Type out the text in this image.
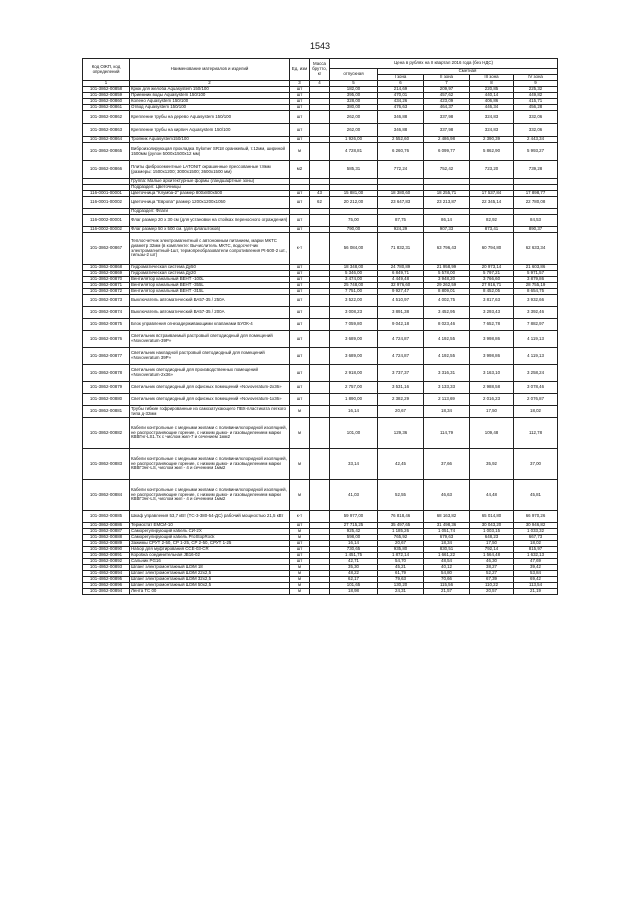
1543
Код ОЖП, код определений	Наименование материалов и изделий	Ед. изм	Масса брутто, кг	Цена в рублях на II квартал 2016 года (без НДС)				
				отпускная	Сметная			
					I зона	II зона	III зона	IV зона
1	2	3	4	5	6	7	8	9
101-3862-00858	Крюк для желоба Aquasystem 150/100	шт		182,00	214,69	209,97	220,85	225,32
101-3862-00859	Приемник воды Aquasystem 150/100	шт		395,00	470,01	457,62	440,14	449,82
101-3862-00860	Колено Aquasystem 150/100	шт		328,00	434,26	423,09	406,86	415,71
101-3862-00861	Отвод Aquasystem 150/100	шт		380,00	476,63	464,37	446,34	456,28
101-3862-00862	Крепление трубы на дерево Aquasystem 150/100	шт		262,00	346,88	337,98	324,83	332,06
101-3862-00863	Крепление трубы на кирпич Aquasystem 150/100	шт		262,00	346,88	337,98	324,83	332,06
101-3862-00864	Тройник Aquasystem150/100	шт		1 926,00	2 552,60	2 486,98	2 390,39	2 443,34
101-3862-00865	Виброизолирующая прокладка Sylomer SR18 оранжевый, т.12мм, шириной 1500мм (рулон 5000х1500х12 мм)	м		4 728,81	6 260,76	6 099,77	5 862,90	5 993,27
101-3862-00866	Плиты фибросементные LATONIT окрашенные прессованные т.8мм (размеры: 1500х1200; 3000х1500; 3600х1500 мм)	м2		585,31	772,24	752,42	723,20	739,28
	Группа: Малые архитектурные формы (ландшафтные зоны)							
	Подраздел: Цветочницы							
116-0001-00001	Цветочница "Клумба-2" размер 800х800х500	шт	43	15 881,00	18 380,60	18 255,71	17 537,84	17 898,77
116-0001-00002	Цветочница "Европа" размер 1200х1200х1050	шт	62	20 212,00	23 647,83	23 213,87	22 345,14	22 780,08
	Подраздел: Флаги							
116-0002-00001	Флаг размер 20 х 30 см (для установки на стойках переносного ограждения)	шт		75,00	87,75	86,14	82,92	84,53
116-0002-00002	Флаг размер 50 х 500 см. (для флагштоков)	шт		790,00	924,29	907,33	873,41	890,37
101-3862-00867	Теплосчетчик электромагнитный с автономным питанием, марки МКТС диаметр 32мм (в комплекте: Вычислитель МКТС, водосчетчик электромагнитный-1шт, термопреобразователи сопротивления Pt-500-2 шт., гильзы-2 шт)	к-т		56 084,00	71 832,31	63 796,43	60 794,80	62 633,34
101-3862-00868	Гидроматическая система Ду50	шт		18 348,00	24 780,89	21 958,99	20 973,14	21 603,86
101-3862-00869	Гидроматическая система Ду20	шт		5 346,00	6 849,71	5 578,00	5 797,21	5 971,57
101-3862-00870	Вентилятор канальный ВЕНТ -100L	шт		3 474,00	4 449,48	3 948,20	3 766,60	3 879,86
101-3862-00871	Вентилятор канальный ВЕНТ -355L	шт		25 748,00	32 976,60	29 262,59	27 916,71	28 755,19
101-3862-00872	Вентилятор канальный ВЕНТ -315L	шт		7 751,00	9 927,47	8 809,01	8 452,05	8 654,75
101-3862-00873	Выключатель автоматический ВА57-35 / 250А	шт		3 522,00	4 510,97	4 002,75	3 817,63	3 932,66
101-3862-00874	Выключатель автоматический ВА57-35 / 200А	шт		3 008,23	3 891,38	3 452,95	3 293,43	3 392,46
101-3862-00875	Блок управления огнезадерживающими клапанами БУОК-4	шт		7 059,80	9 042,18	8 023,46	7 652,78	7 882,97
101-3862-00876	Светильник встраиваемый растровый светодиодный для помещений «Novoveratum-39P»	шт		3 689,00	4 724,87	4 192,55	3 998,86	4 119,13
101-3862-00877	Светильник накладной растровый светодиодный для помещений «Novoveratum 39P»	шт		3 689,00	4 724,87	4 192,55	3 998,86	4 119,13
101-3862-00878	Светильник светодиодный для производственных помещений «Novoveratum-2x36»	шт		2 918,00	3 737,37	3 316,31	3 163,10	3 258,24
101-3862-00879	Светильник светодиодный для офисных помещений «Novoveratum-2x36»	шт		2 757,00	3 531,16	3 133,33	2 988,58	3 078,46
101-3862-00880	Светильник светодиодный для офисных помещений «Novoveratum-1x36»	шт		1 890,00	2 382,29	2 113,69	2 016,23	2 076,87
101-3862-00881	Трубы гибкие гофрированные из самозатухающего ПВХ-пластиката легкого типа д-32мм	м		16,14	20,67	18,34	17,50	18,02
101-3862-00882	Кабели контрольные с медными жилами с поливинилхлоридной изоляцией, не распространяющие горение, с низким дымо- и газовыделением марки КВВГнг-LS1.7х с числом жил-7 и сечением 1мм2	м		101,00	129,36	114,79	109,48	112,78
101-3862-00883	Кабели контрольные с медными жилами с поливинилхлоридной изоляцией, не распространяющие горение, с низким дымо- и газовыделением марки КВВГЭнг-LS, числом жил - 4 и сечением 1мм2	м		33,14	42,45	37,66	35,92	37,00
101-3862-00884	Кабели контрольные с медными жилами с поливинилхлоридной изоляцией, не распространяющие горение, с низким дымо- и газовыделением марки КВВГЭнг-LS, числом жил - 4 и сечением 1мм2	м		41,03	52,55	46,63	44,48	45,81
101-3862-00885	Шкаф управления 53,7 кВт (ТС-3-380-54-ДС) рабочий мощностью 21,5 кВт	к-т		59 977,00	76 818,46	68 163,82	65 014,80	66 970,26
101-3862-00886	Термостат ЕМСИ-10	шт		27 715,25	35 497,65	31 498,36	30 043,20	30 946,82
101-3862-00887	Саморегулирующий кабель СИ-2Х	м		925,42	1 185,26	1 051,74	1 003,15	1 033,32
101-3862-00888	Саморегулирующий кабель ProStopRock	м		598,00	765,92	679,63	648,23	667,73
101-3862-00889	Зажимы СРУТ 2-50, СР 1-25, СР 2-50, СРУТ 1-25	шт		16,14	20,67	18,34	17,50	18,02
101-3862-00890	Набор для муфтирования CCE-03-CR	шт		730,65	935,80	830,51	792,14	815,97
101-3862-00891	Коробка соединительная JB16-02	шт		1 451,75	1 872,14	1 661,22	1 564,48	1 632,13
101-3862-00892	Сальник PG16	шт		42,71	54,70	48,54	46,30	47,69
101-4862-00893	Шланг электромонтажный ШЭМ 18	м		35,30	45,21	40,12	38,27	39,42
101-4862-00894	Шланг электромонтажный ШЭМ 22х2,5	м		48,22	61,79	54,80	52,27	53,84
101-4862-00895	Шланг электромонтажный ШЭМ 32х2,5	м		62,17	79,63	70,66	67,39	69,42
101-3862-00896	Шланг электромонтажный ШЭМ 50х2,5	м		101,65	130,20	115,56	110,22	113,54
101-3862-00894	Лента ТС 00	м		18,98	24,31	21,57	20,57	21,19
